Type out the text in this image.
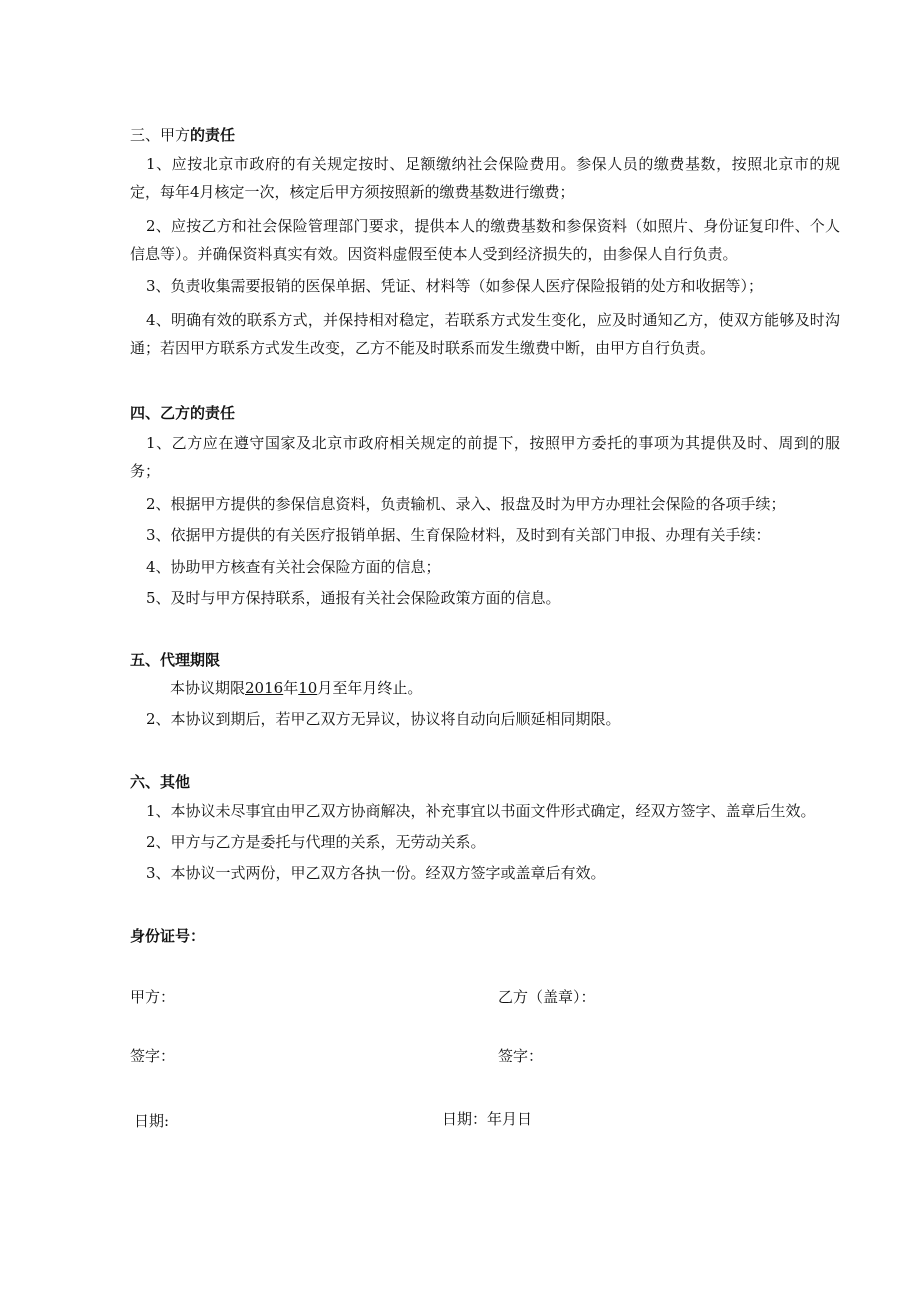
三、甲方的责任
1、应按北京市政府的有关规定按时、足额缴纳社会保险费用。参保人员的缴费基数，按照北京市的规定，每年4月核定一次，核定后甲方须按照新的缴费基数进行缴费；
2、应按乙方和社会保险管理部门要求，提供本人的缴费基数和参保资料（如照片、身份证复印件、个人信息等）。并确保资料真实有效。因资料虚假至使本人受到经济损失的，由参保人自行负责。
3、负责收集需要报销的医保单据、凭证、材料等（如参保人医疗保险报销的处方和收据等）；
4、明确有效的联系方式，并保持相对稳定，若联系方式发生变化，应及时通知乙方，使双方能够及时沟通；若因甲方联系方式发生改变，乙方不能及时联系而发生缴费中断，由甲方自行负责。
四、乙方的责任
1、乙方应在遵守国家及北京市政府相关规定的前提下，按照甲方委托的事项为其提供及时、周到的服务；
2、根据甲方提供的参保信息资料，负责输机、录入、报盘及时为甲方办理社会保险的各项手续；
3、依据甲方提供的有关医疗报销单据、生育保险材料，及时到有关部门申报、办理有关手续：
4、协助甲方核查有关社会保险方面的信息；
5、及时与甲方保持联系，通报有关社会保险政策方面的信息。
五、代理期限
本协议期限2016年10月至年月终止。
2、本协议到期后，若甲乙双方无异议，协议将自动向后顺延相同期限。
六、其他
1、本协议未尽事宜由甲乙双方协商解决，补充事宜以书面文件形式确定，经双方签字、盖章后生效。
2、甲方与乙方是委托与代理的关系，无劳动关系。
3、本协议一式两份，甲乙双方各执一份。经双方签字或盖章后有效。
身份证号：
甲方：	乙方（盖章）：
签字：	签字：
日期:	日期：年月日
